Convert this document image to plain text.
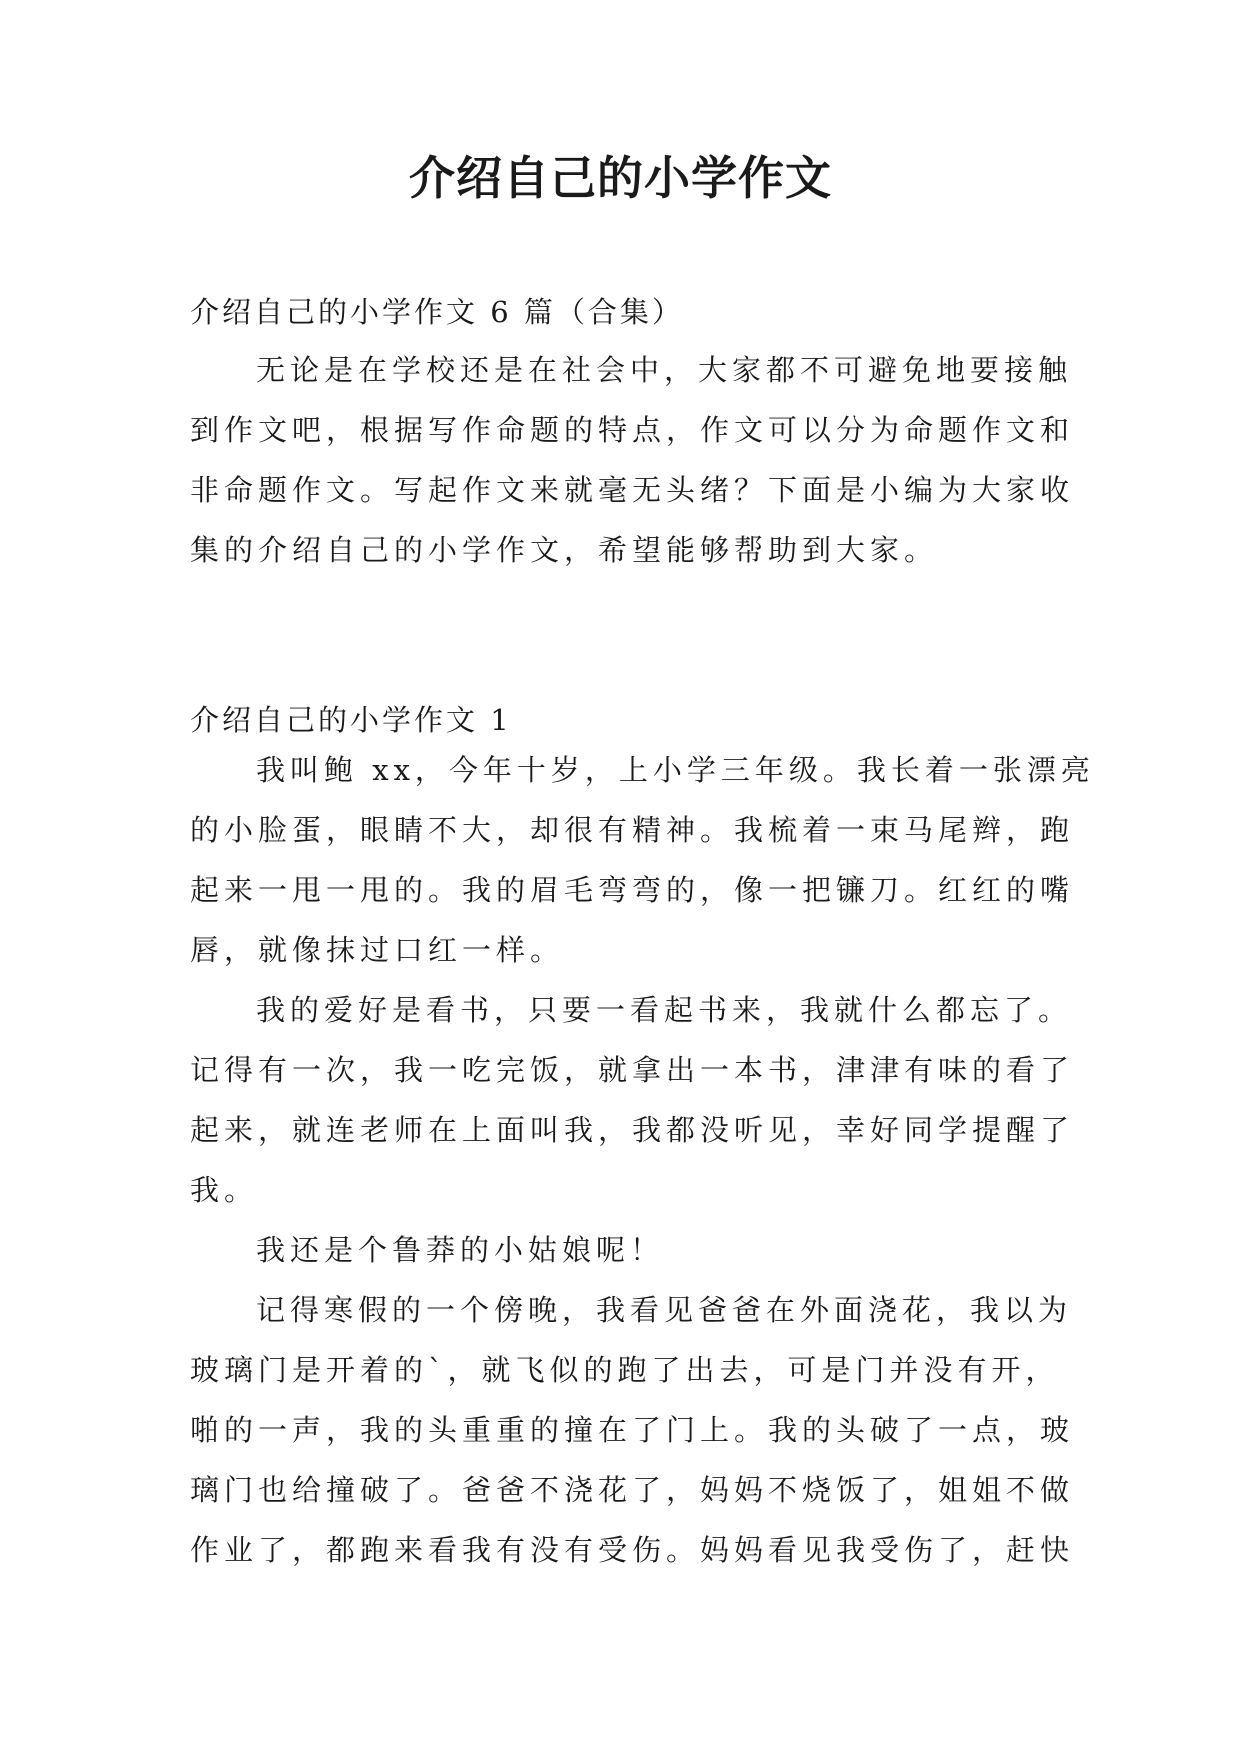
介绍自己的小学作文
介绍自己的小学作文 6 篇（合集）
无论是在学校还是在社会中，大家都不可避免地要接触
到作文吧，根据写作命题的特点，作文可以分为命题作文和
非命题作文。写起作文来就毫无头绪？下面是小编为大家收
集的介绍自己的小学作文，希望能够帮助到大家。
介绍自己的小学作文 1
我叫鲍 xx，今年十岁，上小学三年级。我长着一张漂亮
的小脸蛋，眼睛不大，却很有精神。我梳着一束马尾辫，跑
起来一甩一甩的。我的眉毛弯弯的，像一把镰刀。红红的嘴
唇，就像抹过口红一样。
我的爱好是看书，只要一看起书来，我就什么都忘了。
记得有一次，我一吃完饭，就拿出一本书，津津有味的看了
起来，就连老师在上面叫我，我都没听见，幸好同学提醒了
我。
我还是个鲁莽的小姑娘呢！
记得寒假的一个傍晚，我看见爸爸在外面浇花，我以为
玻璃门是开着的`，就飞似的跑了出去，可是门并没有开，
啪的一声，我的头重重的撞在了门上。我的头破了一点，玻
璃门也给撞破了。爸爸不浇花了，妈妈不烧饭了，姐姐不做
作业了，都跑来看我有没有受伤。妈妈看见我受伤了，赶快
